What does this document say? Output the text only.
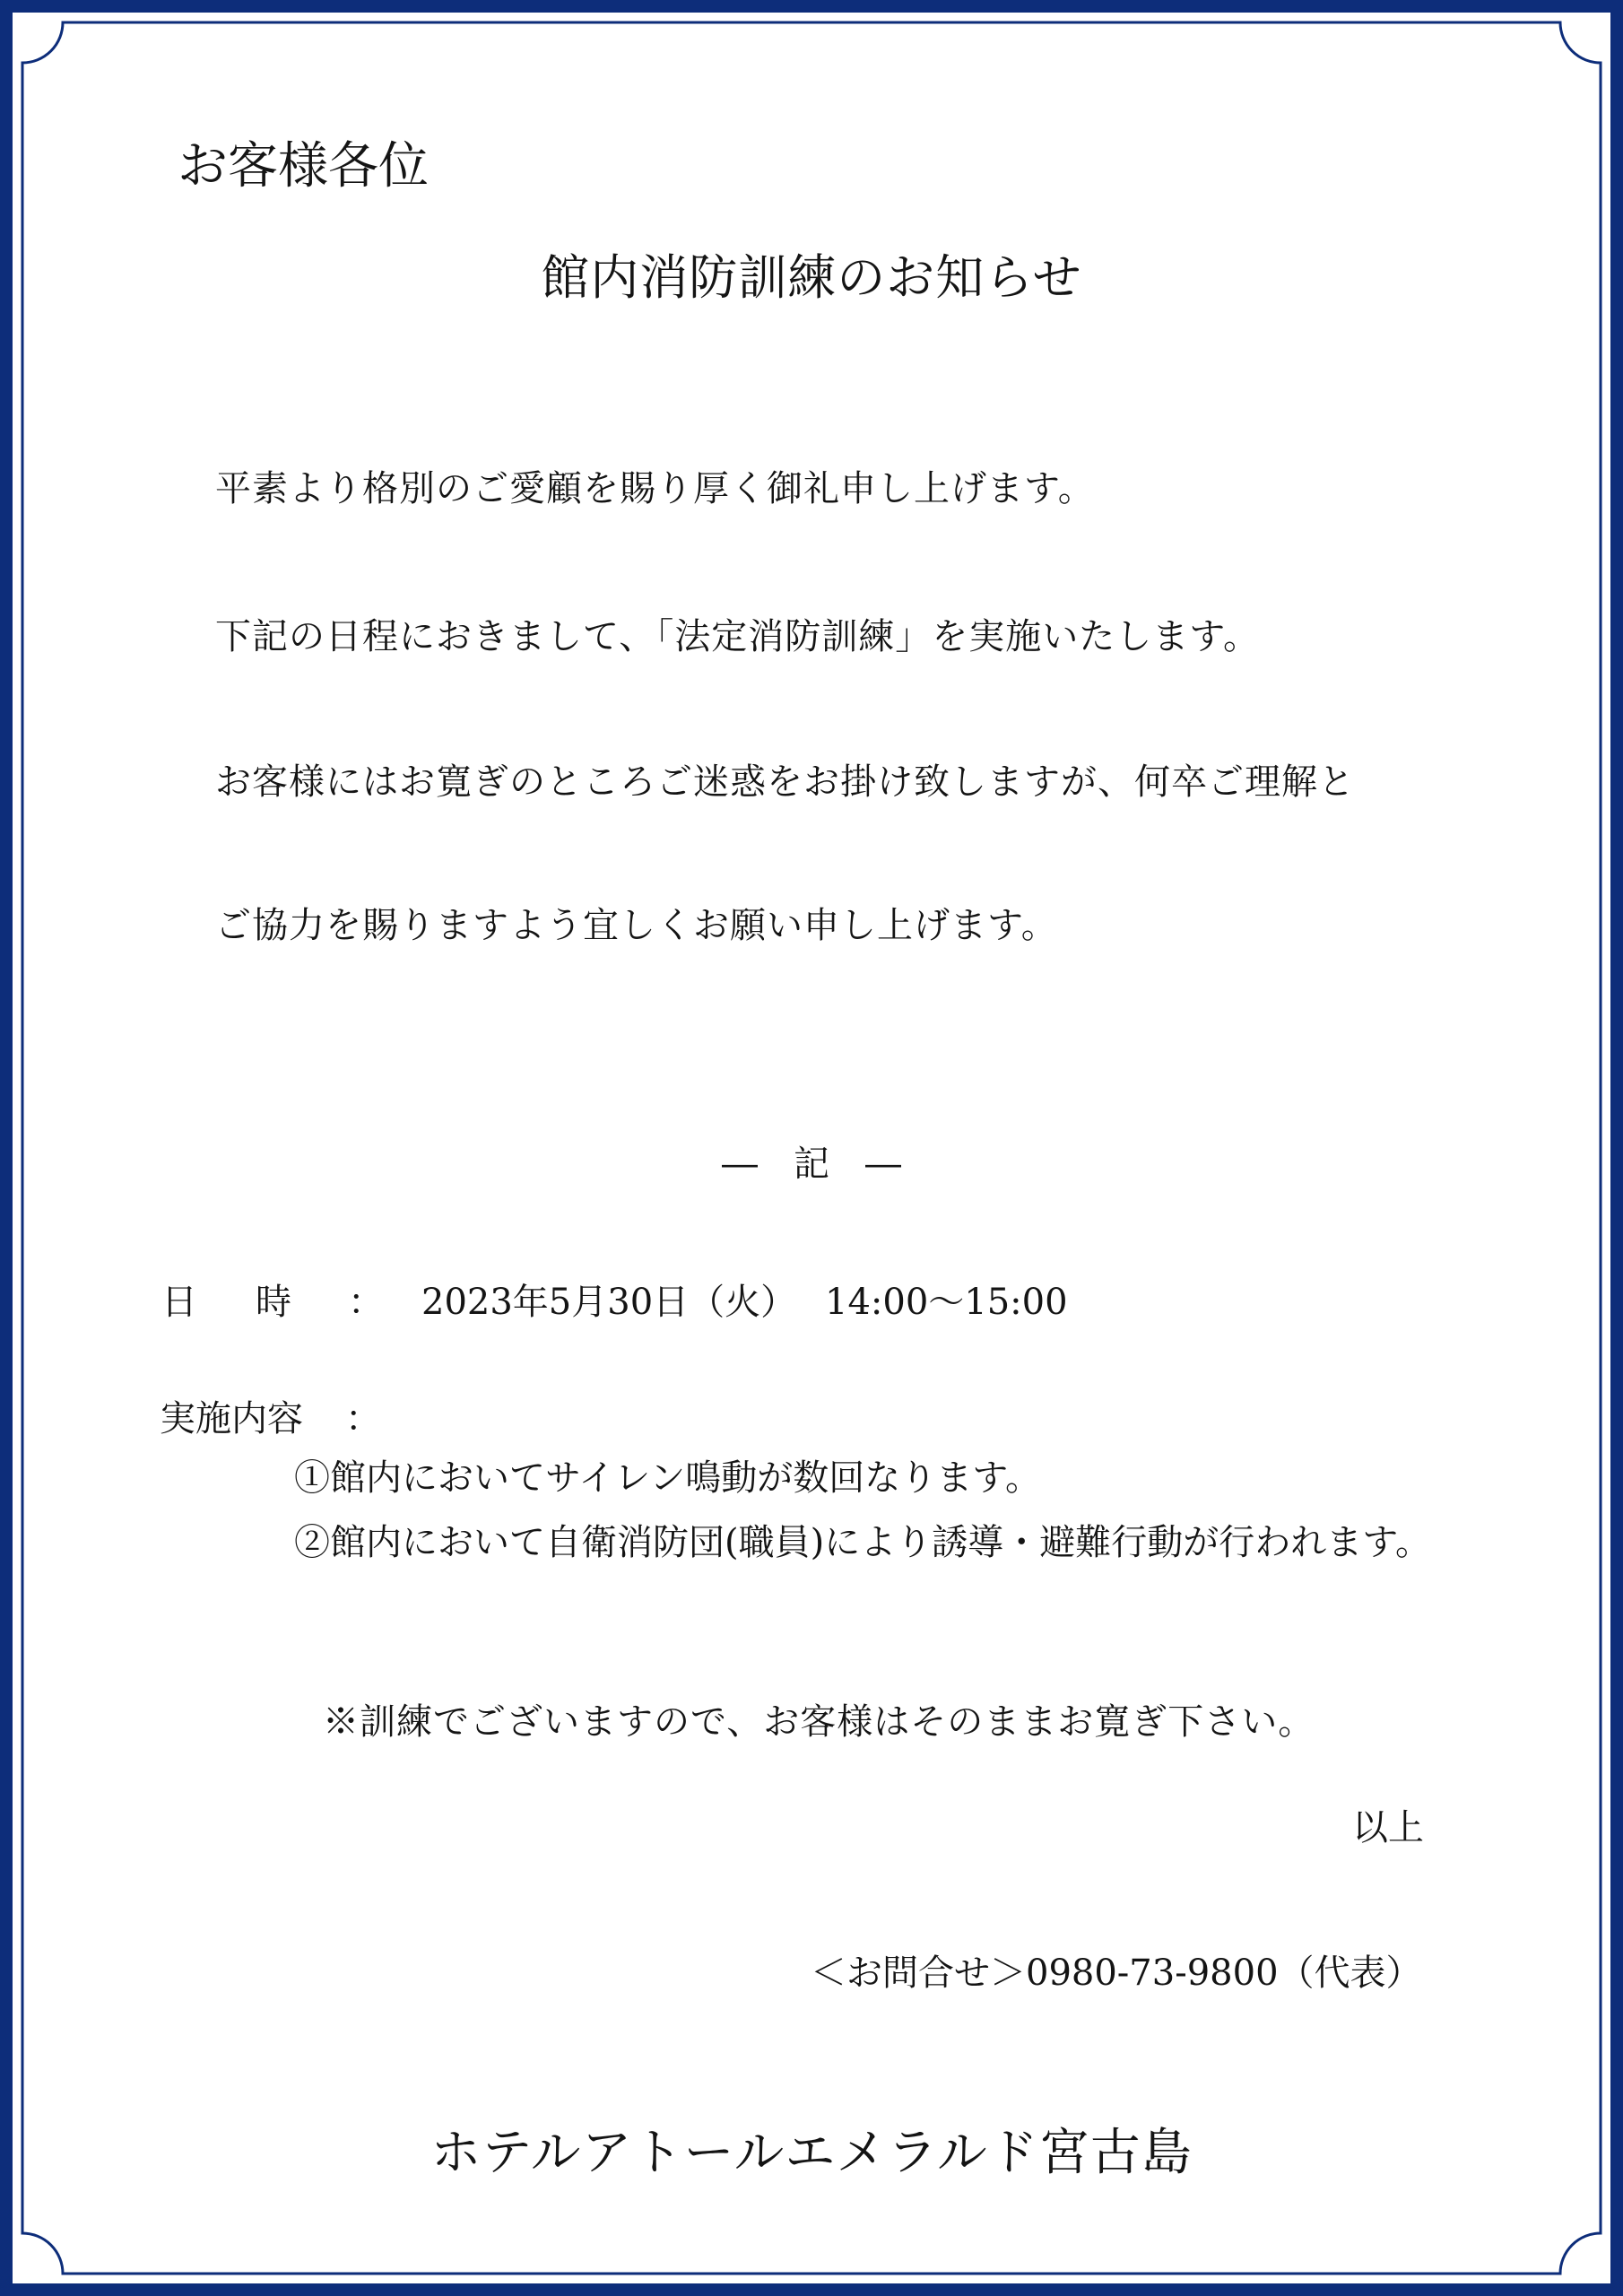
お客様各位
館内消防訓練のお知らせ
平素より格別のご愛顧を賜り厚く御礼申し上げます。
下記の日程におきまして、「法定消防訓練」を実施いたします。
お客様にはお寛ぎのところご迷惑をお掛け致しますが、何卒ご理解と
ご協力を賜りますよう宜しくお願い申し上げます。
―　記　―
日 時 ： 2023年5月30日（火） 14:00～15:00
実施内容 ：
①館内においてサイレン鳴動が数回なります。
②館内において自衛消防団(職員)により誘導・避難行動が行われます。
※訓練でございますので、お客様はそのままお寛ぎ下さい。
以上
＜お問合せ＞0980-73-9800（代表）
ホテルアトールエメラルド宮古島
